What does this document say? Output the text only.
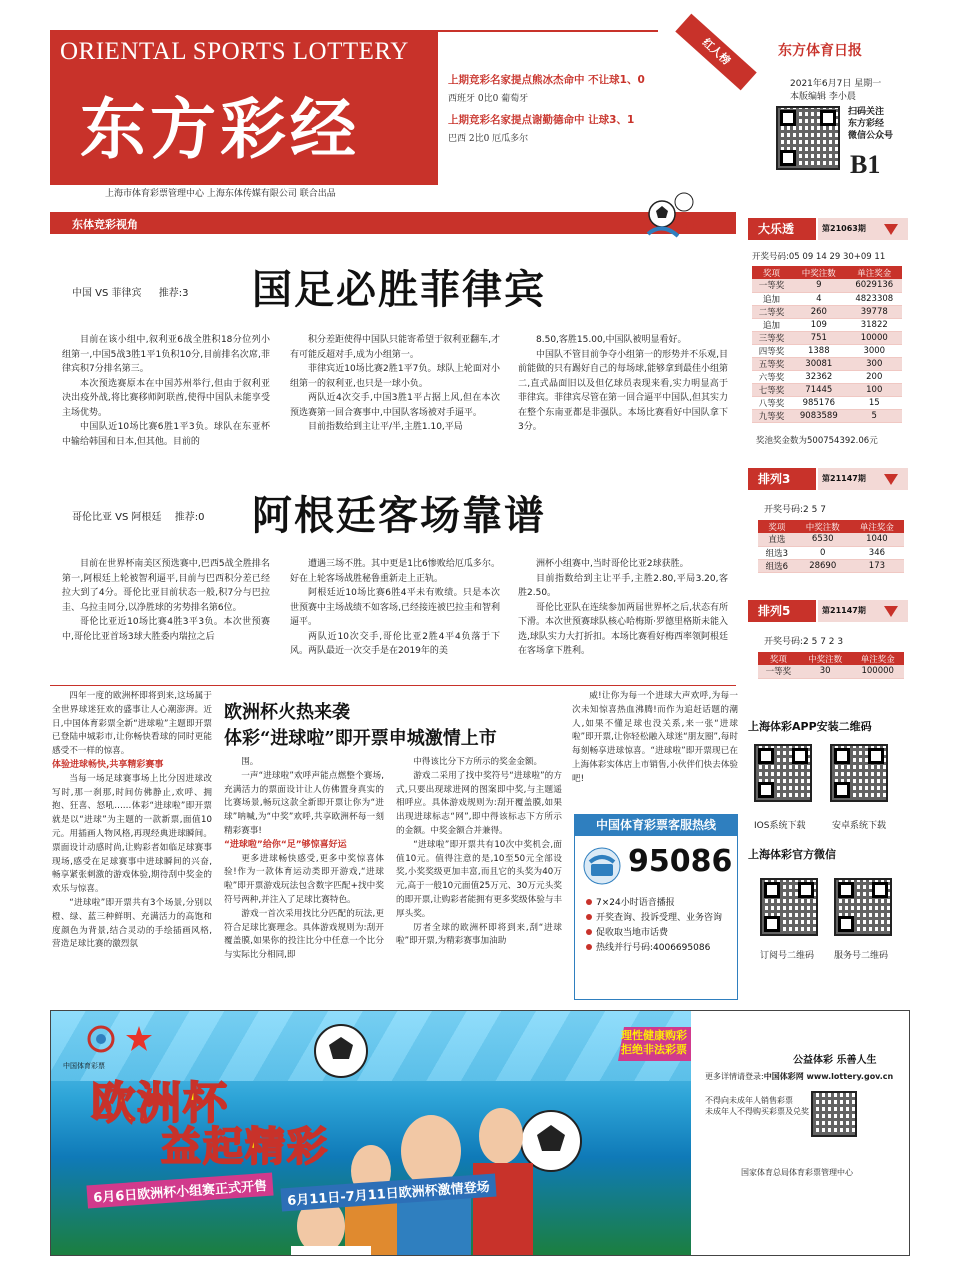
ORIENTAL SPORTS LOTTERY
东方彩经
上海市体育彩票管理中心 上海东体传媒有限公司 联合出品
上期竞彩名家提点熊冰杰命中 不让球1、0
西班牙 0比0 葡萄牙
上期竞彩名家提点谢勤德命中 让球3、1
巴西 2比0 厄瓜多尔
红人榜	东方体育日报
2021年6月7日 星期一
本版编辑 李小晨
扫码关注
东方彩经
微信公众号
B1
东体竞彩视角
中国 VS 菲律宾 推荐:3 国足必胜菲律宾

目前在该小组中,叙利亚6战全胜积18分位列小组第一,中国5战3胜1平1负积10分,目前排名次席,菲律宾积7分排名第三。

本次预选赛原本在中国苏州举行,但由于叙利亚决出疫外战,将比赛移师阿联酋,使得中国队未能享受主场优势。

中国队近10场比赛6胜1平3负。球队在东亚杯中输给韩国和日本,但其他。目前的

积分差距使得中国队只能寄希望于叙利亚翻车,才有可能反超对手,成为小组第一。

菲律宾近10场比赛2胜1平7负。球队上轮面对小组第一的叙利亚,也只是一球小负。

两队近4次交手,中国3胜1平占据上风,但在本次预选赛第一回合赛事中,中国队客场被对手逼平。

目前指数给到主让平/半,主胜1.10,平局

8.50,客胜15.00,中国队被明显看好。

中国队不管目前争夺小组第一的形势并不乐观,目前能做的只有踢好自己的每场球,能够拿到最佳小组第二,直式晶面旧以及但亿球员表现来看,实力明显高于菲律宾。菲律宾尽管在第一回合逼平中国队,但其实力在整个东南亚都是非强队。本场比赛看好中国队拿下3分。

哥伦比亚 VS 阿根廷 推荐:0 阿根廷客场靠谱

目前在世界杯南美区预选赛中,巴西5战全胜排名第一,阿根廷上轮被智利逼平,目前与巴西积分差已经拉大到了4分。哥伦比亚目前状态一般,积7分与巴拉圭、乌拉圭同分,以净胜球的劣势排名第6位。

哥伦比亚近10场比赛4胜3平3负。本次世预赛中,哥伦比亚首场3球大胜委内瑞拉之后

遭遇三场不胜。其中更是1比6惨败给厄瓜多尔。好在上轮客场战胜秘鲁重新走上正轨。

阿根廷近10场比赛6胜4平未有败绩。只是本次世预赛中主场战绩不如客场,已经接连被巴拉圭和智利逼平。

两队近10次交手,哥伦比亚2胜4平4负落于下风。两队最近一次交手是在2019年的美

洲杯小组赛中,当时哥伦比亚2球获胜。

目前指数给到主让平手,主胜2.80,平局3.20,客胜2.50。

哥伦比亚队在连续参加两届世界杯之后,状态有所下滑。本次世预赛球队核心哈梅斯·罗德里格斯未能入选,球队实力大打折扣。本场比赛看好梅西率领阿根廷在客场拿下胜利。

大乐透	第21063期
开奖号码:05 09 14 29 30+09 11
奖项	中奖注数	单注奖金
一等奖	9	6029136
追加	4	4823308
二等奖	260	39778
追加	109	31822
三等奖	751	10000
四等奖	1388	3000
五等奖	30081	300
六等奖	32362	200
七等奖	71445	100
八等奖	985176	15
九等奖	9083589	5
奖池奖金数为500754392.06元
排列3	第21147期
开奖号码:2 5 7
奖项	中奖注数	单注奖金
直选	6530	1040
组选3	0	346
组选6	28690	173
排列5	第21147期
开奖号码:2 5 7 2 3
奖项	中奖注数	单注奖金
一等奖	30	100000
上海体彩APP安装二维码
IOS系统下载	安卓系统下载
上海体彩官方微信
订阅号二维码 服务号二维码
欧洲杯火热来袭
体彩“进球啦”即开票申城激情上市

四年一度的欧洲杯即将到来,这场属于全世界球迷狂欢的盛事让人心潮澎湃。近日,中国体育彩票全新“进球啦”主题即开票已登陆申城彩市,让你畅快看球的同时更能感受不一样的惊喜。

体验进球畅快,共享精彩赛事

当每一场足球赛事场上比分因进球改写时,那一刹那,时间仿佛静止,欢呼、拥抱、狂喜、怒吼……体彩“进球啦”即开票就是以“进球”为主题的一款新票,面值10元。用插画人物风格,再现经典进球瞬间。票面设计动感时尚,让购彩者如临足球赛事现场,感受在足球赛事中进球瞬间的兴奋,畅享紧张刺激的游戏体验,期待刮中奖金的欢乐与惊喜。

“进球啦”即开票共有3个场景,分别以橙、绿、蓝三种鲜明、充满活力的高饱和度颜色为背景,结合灵动的手绘插画风格,营造足球比赛的激烈氛

围。

一声“进球啦”欢呼声能点燃整个赛场,充满活力的票面设计让人仿佛置身真实的比赛场景,畅玩这款全新即开票让你为“进球”呐喊,为“中奖”欢呼,共享欧洲杯每一刻精彩赛事!

“进球啦”给你“足”够惊喜好运

更多进球畅快感受,更多中奖惊喜体验!作为一款体育运动类即开游戏,“进球啦”即开票游戏玩法包含数字匹配+找中奖符号两种,并注入了足球比赛特色。

游戏一首次采用找比分匹配的玩法,更符合足球比赛理念。具体游戏规则为:刮开覆盖膜,如果你的投注比分中任意一个比分与实际比分相同,即

中得该比分下方所示的奖金金额。

游戏二采用了找中奖符号“进球啦”的方式,只要出现球进网的图案即中奖,与主题遥相呼应。具体游戏规则为:刮开覆盖膜,如果出现进球标志“网”,即中得该标志下方所示的金额。中奖金额合并兼得。

“进球啦”即开票共有10次中奖机会,面值10元。值得注意的是,10至50元全部设奖,小奖奖级更加丰富,而且它的头奖为40万元,高于一般10元面值25万元、30万元头奖的即开票,让购彩者能拥有更多奖级体验与丰厚头奖。

厉者全球的欧洲杯即将到来,刮“进球啦”即开票,为精彩赛事加油助

威!让你为每一个进球大声欢呼,为每一次未知惊喜热血沸腾!而作为追赶话题的潮人,如果不懂足球也没关系,来一张“进球啦”即开票,让你轻松融入球迷“朋友圈”,每时每刻畅享进球惊喜。“进球啦”即开票现已在上海体彩实体店上市销售,小伙伴们快去体验吧!

中国体育彩票客服热线
95086
7×24小时语音播报
开奖查询、投诉受理、业务咨询
促收取当地市话费
热线并行号码:4006695086
中国体育彩票
欧洲杯
益起精彩
理性健康购彩
拒绝非法彩票
6月6日欧洲杯小组赛正式开售	6月11日-7月11日欧洲杯激情登场
公益体彩 乐善人生
更多详情请登录:中国体彩网 www.lottery.gov.cn
不得向未成年人销售彩票
未成年人不得购买彩票及兑奖
国家体育总局体育彩票管理中心
